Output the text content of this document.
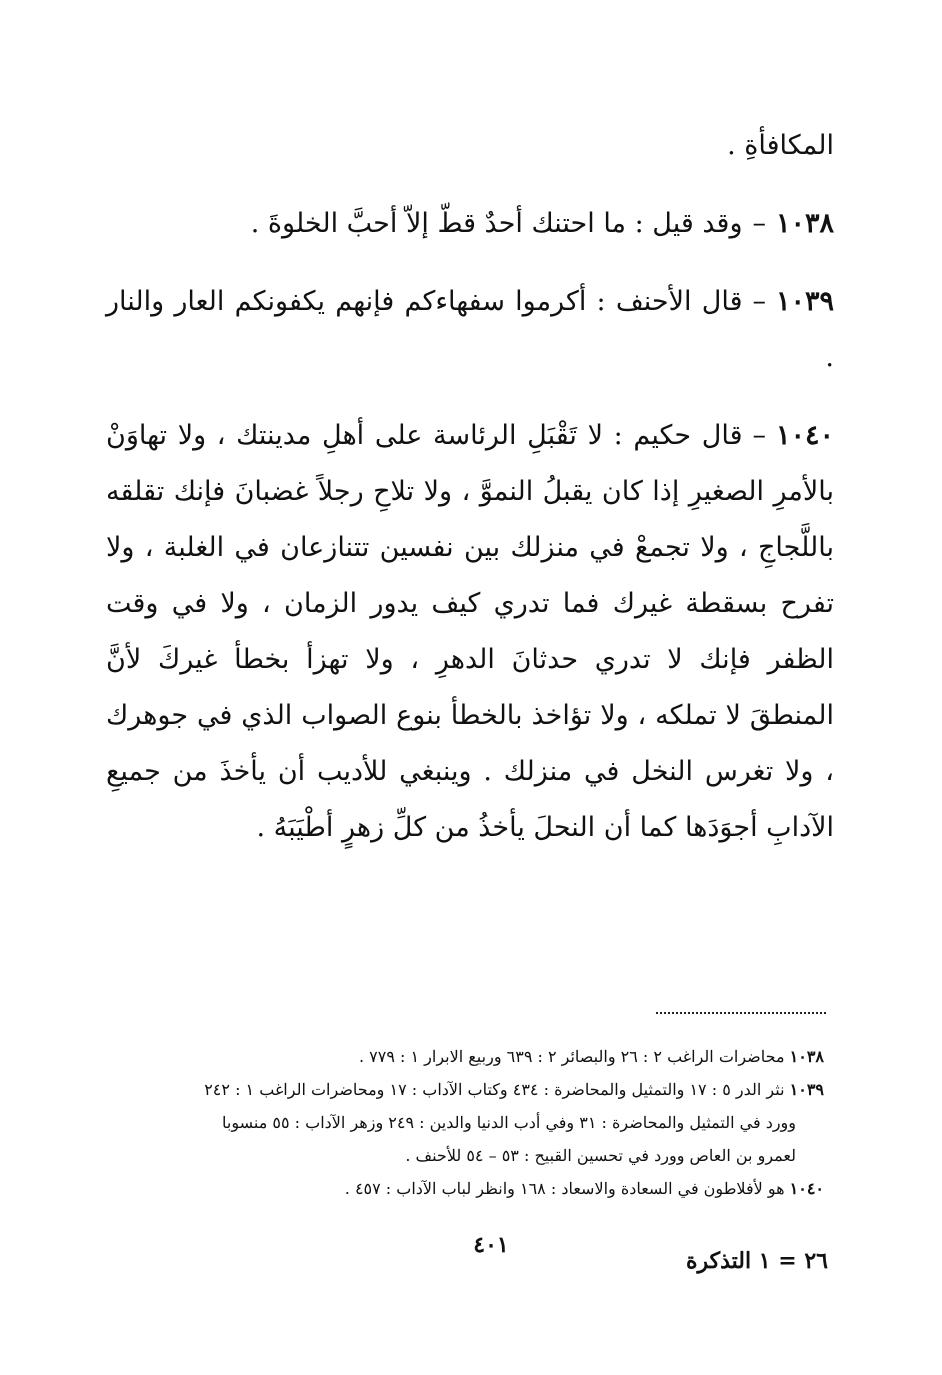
المكافأةِ .

١٠٣٨–وقد قيل : ما احتنك أحدٌ قطّ إلاّ أحبَّ الخلوةَ .

١٠٣٩–قال الأحنف : أكرموا سفهاءكم فإنهم يكفونكم العار والنار .

١٠٤٠–قال حكيم : لا تَقْبَلِ الرئاسة على أهلِ مدينتك ، ولا تهاوَنْ بالأمرِ الصغيرِ إذا كان يقبلُ النموَّ ، ولا تلاحِ رجلاً غضبانَ فإنك تقلقه باللَّجاجِ ، ولا تجمعْ في منزلك بين نفسين تتنازعان في الغلبة ، ولا تفرح بسقطة غيرك فما تدري كيف يدور الزمان ، ولا في وقت الظفر فإنك لا تدري حدثانَ الدهرِ ، ولا تهزأ بخطأ غيركَ لأنَّ المنطقَ لا تملكه ، ولا تؤاخذ بالخطأ بنوع الصواب الذي في جوهرك ، ولا تغرس النخل في منزلك . وينبغي للأديب أن يأخذَ من جميعِ الآدابِ أجوَدَها كما أن النحلَ يأخذُ من كلِّ زهرٍ أطْيَبَهُ .

١٠٣٨ محاضرات الراغب ٢ : ٢٦ والبصائر ٢ : ٦٣٩ وربيع الابرار ١ : ٧٧٩ .

١٠٣٩ نثر الدر ٥ : ١٧ والتمثيل والمحاضرة : ٤٣٤ وكتاب الآداب : ١٧ ومحاضرات الراغب ١ : ٢٤٢

وورد في التمثيل والمحاضرة : ٣١ وفي أدب الدنيا والدين : ٢٤٩ وزهر الآداب : ٥٥ منسوبا

لعمرو بن العاص وورد في تحسين القبيح : ٥٣ – ٥٤ للأحنف .

١٠٤٠ هو لأفلاطون في السعادة والاسعاد : ١٦٨ وانظر لباب الآداب : ٤٥٧ .

٤٠١
٢٦ = ١ التذكرة
